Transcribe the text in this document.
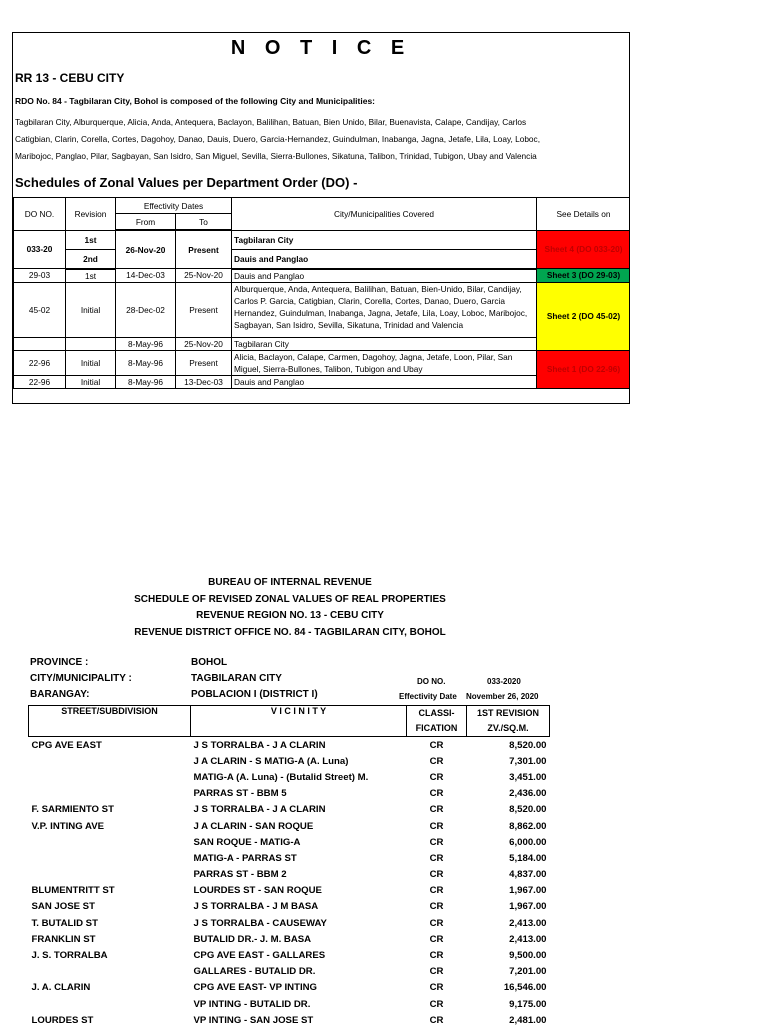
N O T I C E
RR 13 - CEBU CITY
RDO No. 84 - Tagbilaran City, Bohol is composed of the following City and Municipalities:
Tagbilaran City, Alburquerque, Alicia, Anda, Antequera, Baclayon, Balilihan, Batuan, Bien Unido, Bilar, Buenavista, Calape, Candijay, Carlos
Catigbian, Clarin, Corella, Cortes, Dagohoy, Danao, Dauis, Duero, Garcia-Hernandez, Guindulman, Inabanga, Jagna, Jetafe, Lila, Loay, Loboc,
Maribojoc, Panglao, Pilar, Sagbayan, San Isidro, San Miguel, Sevilla, Sierra-Bullones, Sikatuna, Talibon, Trinidad, Tubigon, Ubay and Valencia
Schedules of Zonal Values per Department Order (DO) -
DO NO.	Revision	Effectivity Dates		City/Municipalities Covered	See Details on
		From	To		
033-20	1st	26-Nov-20	Present	Tagbilaran City	Sheet 4 (DO 033-20)
	2nd			Dauis and Panglao	
29-03	1st	14-Dec-03	25-Nov-20	Dauis and Panglao	Sheet 3 (DO 29-03)
45-02	Initial	28-Dec-02	Present	Alburquerque, Anda, Antequera, Balilihan, Batuan, Bien-Unido, Bilar, Candijay, Carlos P. Garcia, Catigbian, Clarin, Corella, Cortes, Danao, Duero, Garcia Hernandez, Guindulman, Inabanga, Jagna, Jetafe, Lila, Loay, Loboc, Maribojoc, Sagbayan, San Isidro, Sevilla, Sikatuna, Trinidad and Valencia	Sheet 2 (DO 45-02)
		8-May-96	25-Nov-20	Tagbilaran City	
22-96	Initial	8-May-96	Present	Alicia, Baclayon, Calape, Carmen, Dagohoy, Jagna, Jetafe, Loon, Pilar, San Miguel, Sierra-Bullones, Talibon, Tubigon and Ubay	Sheet 1 (DO 22-96)
22-96	Initial	8-May-96	13-Dec-03	Dauis and Panglao	
BUREAU OF INTERNAL REVENUE
SCHEDULE OF REVISED ZONAL VALUES OF REAL PROPERTIES
REVENUE REGION NO. 13 - CEBU CITY
REVENUE DISTRICT OFFICE NO. 84 - TAGBILARAN CITY, BOHOL
PROVINCE :	BOHOL
CITY/MUNICIPALITY :	TAGBILARAN CITY
BARANGAY:	POBLACION I (DISTRICT I)
DO NO.	033-2020
Effectivity Date November 26, 2020
STREET/SUBDIVISION	V I C I N I T Y	CLASSI-	1ST REVISION
		FICATION	ZV./SQ.M.
CPG AVE EAST	J S TORRALBA - J A CLARIN	CR	8,520.00
	J A CLARIN - S MATIG-A (A. Luna)	CR	7,301.00
	MATIG-A (A. Luna) - (Butalid Street) M.	CR	3,451.00
	PARRAS ST - BBM 5	CR	2,436.00
F. SARMIENTO ST	J S TORRALBA - J A CLARIN	CR	8,520.00
V.P. INTING AVE	J A CLARIN - SAN ROQUE	CR	8,862.00
	SAN ROQUE - MATIG-A	CR	6,000.00
	MATIG-A - PARRAS ST	CR	5,184.00
	PARRAS ST - BBM 2	CR	4,837.00
BLUMENTRITT ST	LOURDES ST - SAN ROQUE	CR	1,967.00
SAN JOSE ST	J S TORRALBA - J M BASA	CR	1,967.00
T. BUTALID ST	J S TORRALBA - CAUSEWAY	CR	2,413.00
FRANKLIN ST	BUTALID DR.- J. M. BASA	CR	2,413.00
J. S. TORRALBA	CPG AVE EAST - GALLARES	CR	9,500.00
	GALLARES - BUTALID DR.	CR	7,201.00
J. A. CLARIN	CPG AVE EAST- VP INTING	CR	16,546.00
	VP INTING - BUTALID DR.	CR	9,175.00
LOURDES ST	VP INTING - SAN JOSE ST	CR	2,481.00
